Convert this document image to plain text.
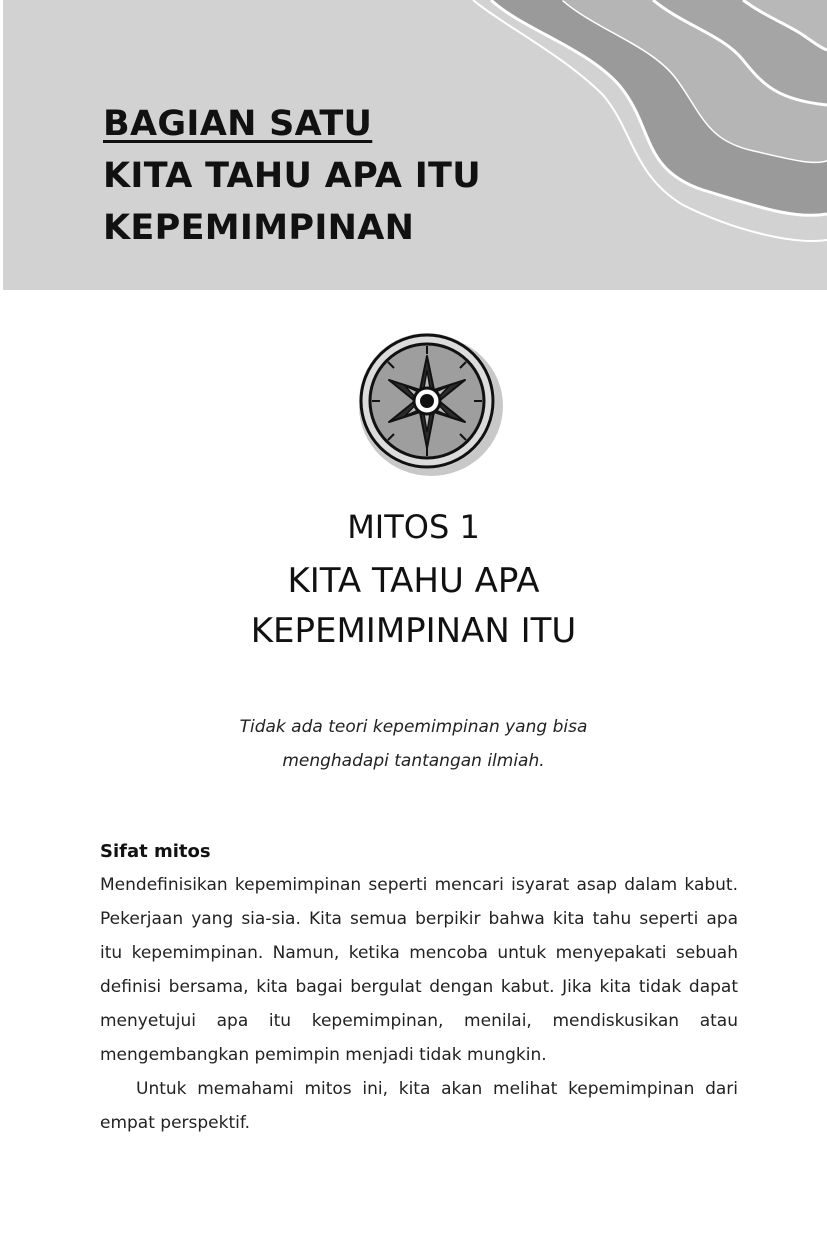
BAGIAN SATU
KITA TAHU APA ITU
KEPEMIMPINAN
MITOS 1
KITA TAHU APA
KEPEMIMPINAN ITU
Tidak ada teori kepemimpinan yang bisa
menghadapi tantangan ilmiah.
Sifat mitos

Mendefinisikan kepemimpinan seperti mencari isyarat asap dalam kabut. Pekerjaan yang sia-sia. Kita semua berpikir bahwa kita tahu seperti apa itu kepemimpinan. Namun, ketika mencoba untuk menyepakati sebuah definisi bersama, kita bagai bergulat dengan kabut. Jika kita tidak dapat menyetujui apa itu kepemimpinan, menilai, mendiskusikan atau mengembangkan pemimpin menjadi tidak mungkin.

Untuk memahami mitos ini, kita akan melihat kepemimpinan dari empat perspektif.
